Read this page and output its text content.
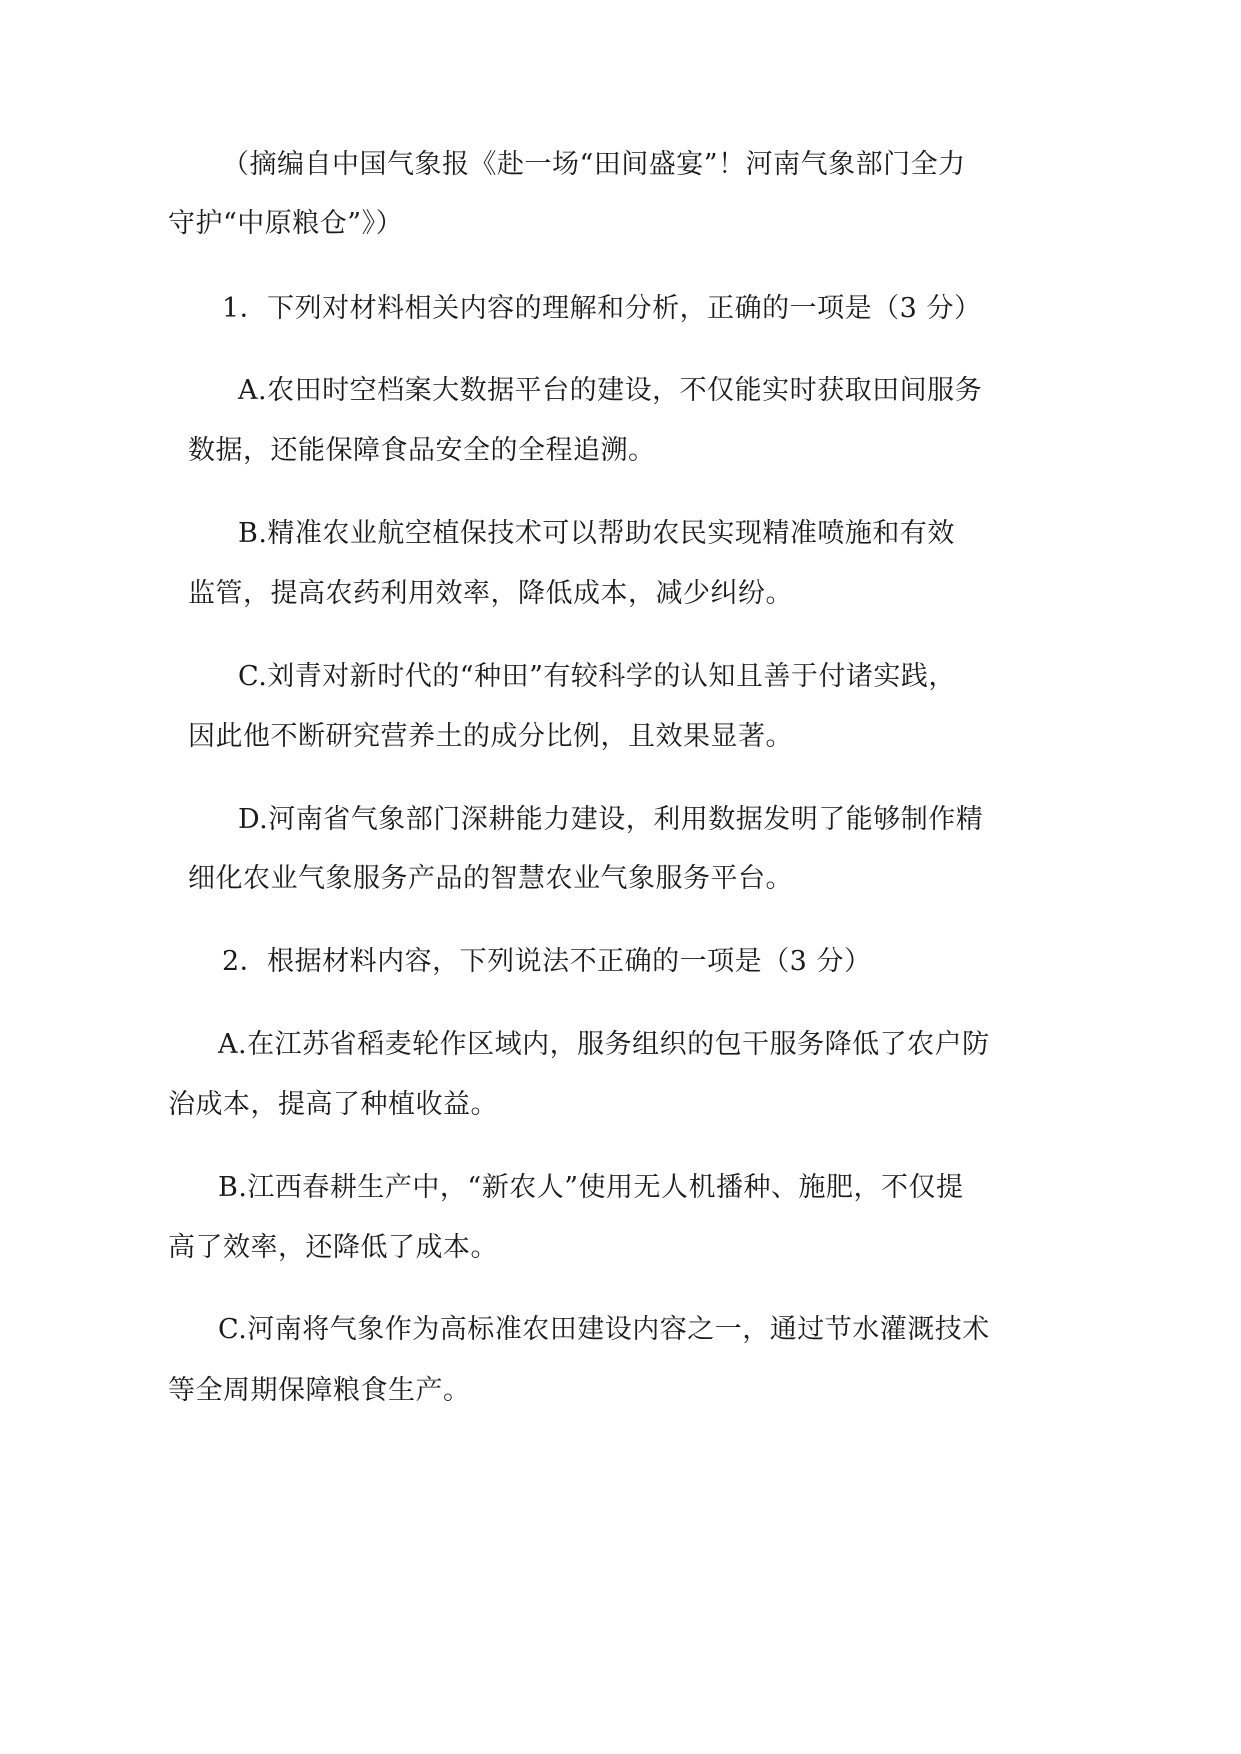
（摘编自中国气象报《赴一场“田间盛宴”！河南气象部门全力
守护“中原粮仓”》）
1．下列对材料相关内容的理解和分析，正确的一项是（3 分）
A.农田时空档案大数据平台的建设，不仅能实时获取田间服务
数据，还能保障食品安全的全程追溯。
B.精准农业航空植保技术可以帮助农民实现精准喷施和有效
监管，提高农药利用效率，降低成本，减少纠纷。
C.刘青对新时代的“种田”有较科学的认知且善于付诸实践，
因此他不断研究营养土的成分比例，且效果显著。
D.河南省气象部门深耕能力建设，利用数据发明了能够制作精
细化农业气象服务产品的智慧农业气象服务平台。
2．根据材料内容，下列说法不正确的一项是（3 分）
A.在江苏省稻麦轮作区域内，服务组织的包干服务降低了农户防
治成本，提高了种植收益。
B.江西春耕生产中，“新农人”使用无人机播种、施肥，不仅提
高了效率，还降低了成本。
C.河南将气象作为高标准农田建设内容之一，通过节水灌溉技术
等全周期保障粮食生产。
